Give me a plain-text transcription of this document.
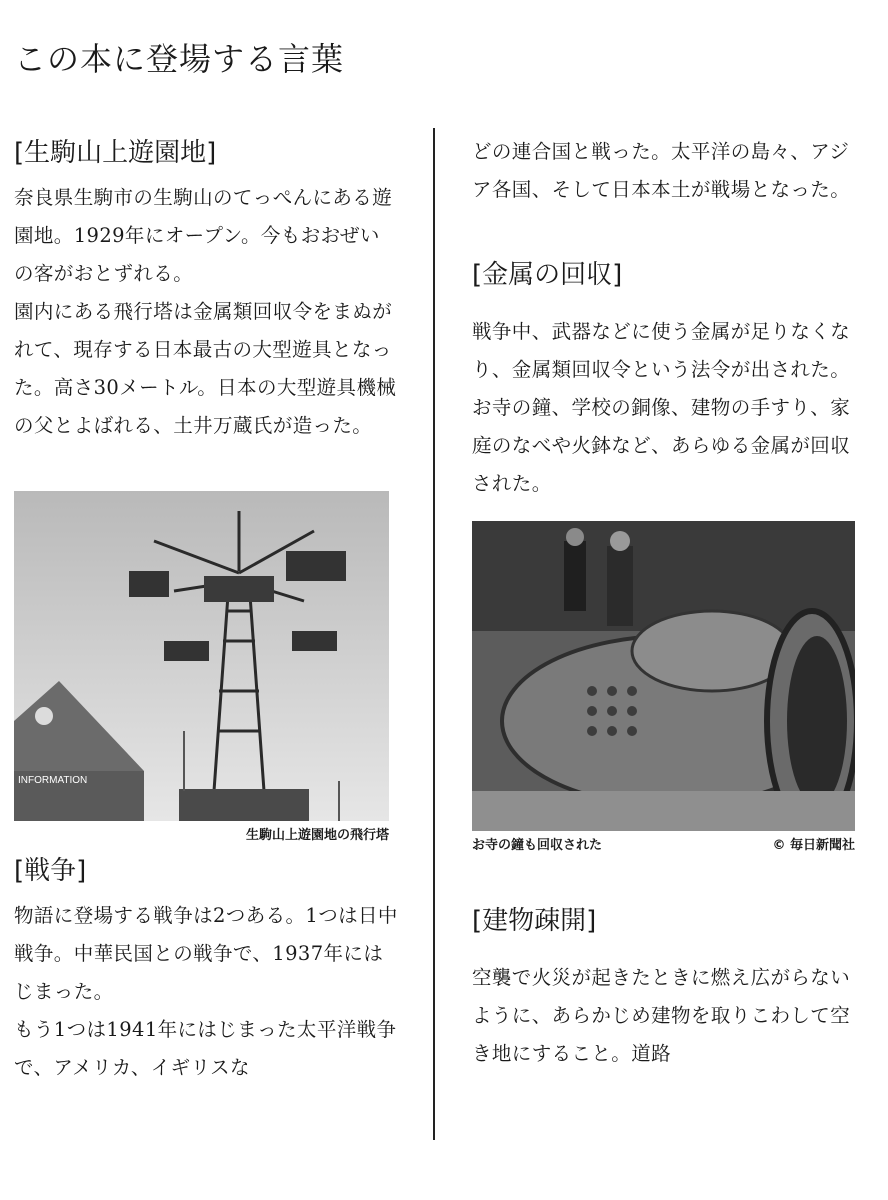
この本に登場する言葉
[生駒山上遊園地]

奈良県生駒市の生駒山のてっぺんにある遊園地。1929年にオープン。今もおおぜいの客がおとずれる。

園内にある飛行塔は金属類回収令をまぬがれて、現存する日本最古の大型遊具となった。高さ30メートル。日本の大型遊具機械の父とよばれる、土井万蔵氏が造った。

INFORMATION
生駒山上遊園地の飛行塔
[戦争]

物語に登場する戦争は2つある。1つは日中戦争。中華民国との戦争で、1937年にはじまった。

もう1つは1941年にはじまった太平洋戦争で、アメリカ、イギリスな

どの連合国と戦った。太平洋の島々、アジア各国、そして日本本土が戦場となった。

[金属の回収]

戦争中、武器などに使う金属が足りなくなり、金属類回収令という法令が出された。

お寺の鐘、学校の銅像、建物の手すり、家庭のなべや火鉢など、あらゆる金属が回収された。

お寺の鐘も回収された	© 毎日新聞社
[建物疎開]

空襲で火災が起きたときに燃え広がらないように、あらかじめ建物を取りこわして空き地にすること。道路
